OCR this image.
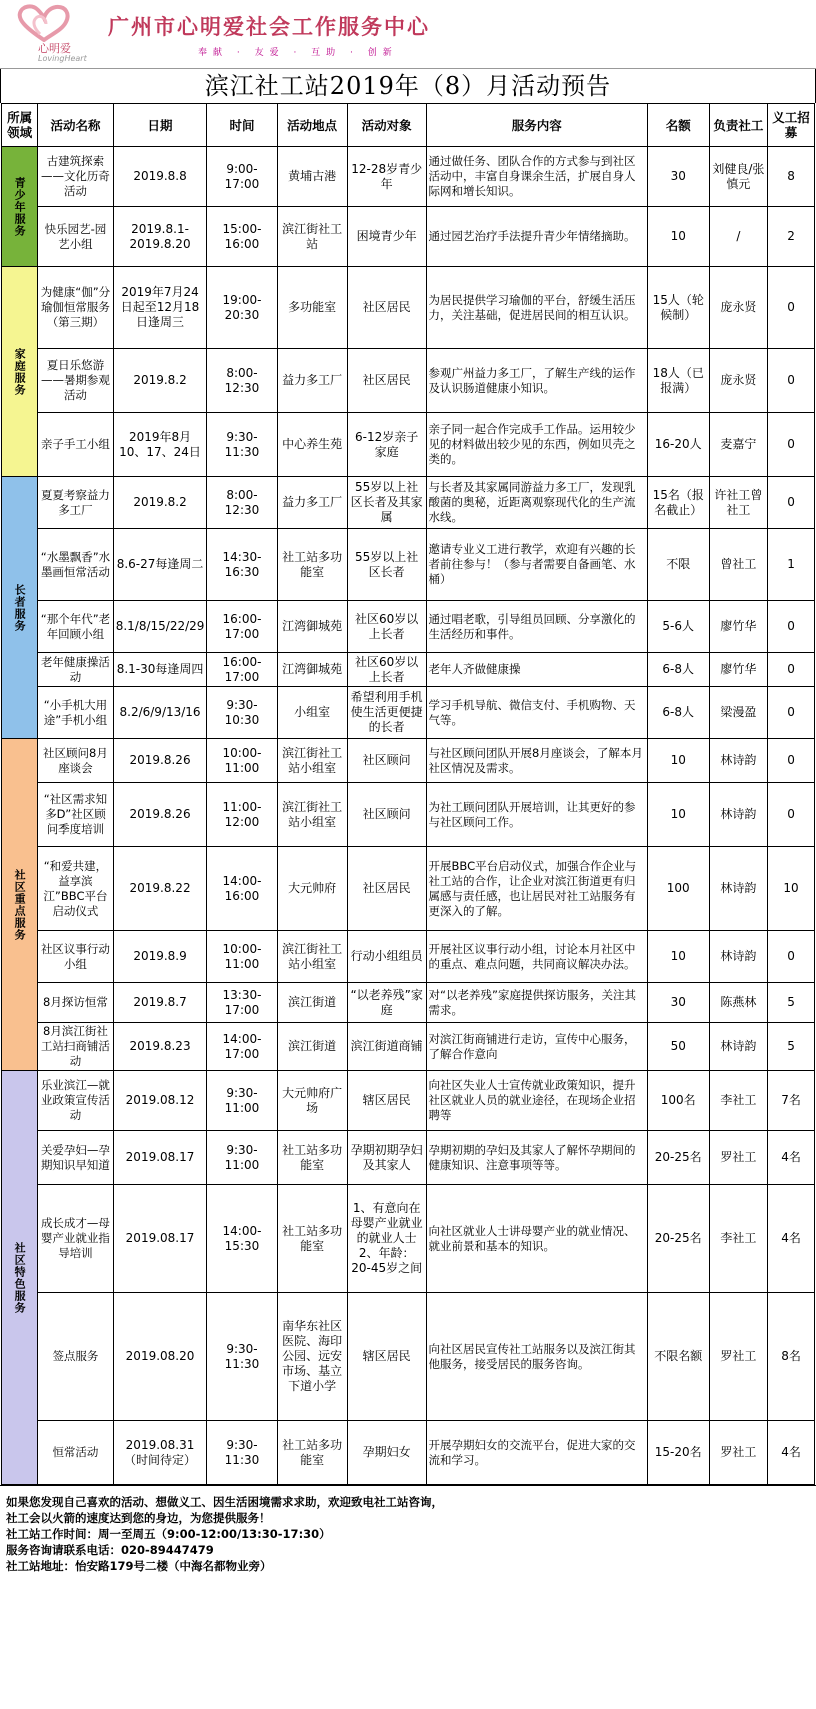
心明爱
LovingHeart
广州市心明爱社会工作服务中心
奉献 · 友爱 · 互助 · 创新
滨江社工站2019年（8）月活动预告
所属领域	活动名称	日期	时间	活动地点	活动对象	服务内容	名额	负责社工	义工招募
青少年服务	古建筑探索——文化历奇活动	2019.8.8	9:00-17:00	黄埔古港	12-28岁青少年	通过做任务、团队合作的方式参与到社区活动中，丰富自身课余生活，扩展自身人际网和增长知识。	30	刘健良/张慎元	8
	快乐园艺-园艺小组	2019.8.1-2019.8.20	15:00-16:00	滨江街社工站	困境青少年	通过园艺治疗手法提升青少年情绪摘助。	10	/	2
家庭服务	为健康“伽”分瑜伽恒常服务（第三期）	2019年7月24日起至12月18日逢周三	19:00-20:30	多功能室	社区居民	为居民提供学习瑜伽的平台，舒缓生活压力，关注基础，促进居民间的相互认识。	15人（轮候制）	庞永贤	0
	夏日乐悠游——暑期参观活动	2019.8.2	8:00-12:30	益力多工厂	社区居民	参观广州益力多工厂，了解生产线的运作及认识肠道健康小知识。	18人（已报满）	庞永贤	0
	亲子手工小组	2019年8月10、17、24日	9:30-11:30	中心养生苑	6-12岁亲子家庭	亲子同一起合作完成手工作品。运用较少见的材料做出较少见的东西，例如贝壳之类的。	16-20人	麦嘉宁	0
长者服务	夏夏考察益力多工厂	2019.8.2	8:00-12:30	益力多工厂	55岁以上社区长者及其家属	与长者及其家属同游益力多工厂，发现乳酸菌的奥秘，近距离观察现代化的生产流水线。	15名（报名截止）	许社工曾社工	0
	“水墨飘香”水墨画恒常活动	8.6-27每逢周二	14:30-16:30	社工站多功能室	55岁以上社区长者	邀请专业义工进行教学，欢迎有兴趣的长者前往参与！（参与者需要自备画笔、水桶）	不限	曾社工	1
	“那个年代”老年回顾小组	8.1/8/15/22/29	16:00-17:00	江湾御城苑	社区60岁以上长者	通过唱老歌，引导组员回顾、分享激化的生活经历和事件。	5-6人	廖竹华	0
	老年健康操活动	8.1-30每逢周四	16:00-17:00	江湾御城苑	社区60岁以上长者	老年人齐做健康操	6-8人	廖竹华	0
	“小手机大用途”手机小组	8.2/6/9/13/16	9:30-10:30	小组室	希望利用手机使生活更便捷的长者	学习手机导航、微信支付、手机购物、天气等。	6-8人	梁漫盈	0
社区重点服务	社区顾问8月座谈会	2019.8.26	10:00-11:00	滨江街社工站小组室	社区顾问	与社区顾问团队开展8月座谈会，了解本月社区情况及需求。	10	林诗韵	0
	“社区需求知多D”社区顾问季度培训	2019.8.26	11:00-12:00	滨江街社工站小组室	社区顾问	为社工顾问团队开展培训，让其更好的参与社区顾问工作。	10	林诗韵	0
	“和爱共建，益享滨江”BBC平台启动仪式	2019.8.22	14:00-16:00	大元帅府	社区居民	开展BBC平台启动仪式，加强合作企业与社工站的合作，让企业对滨江街道更有归属感与责任感，也让居民对社工站服务有更深入的了解。	100	林诗韵	10
	社区议事行动小组	2019.8.9	10:00-11:00	滨江街社工站小组室	行动小组组员	开展社区议事行动小组，讨论本月社区中的重点、难点问题，共同商议解决办法。	10	林诗韵	0
	8月探访恒常	2019.8.7	13:30-17:00	滨江街道	“以老养残”家庭	对“以老养残”家庭提供探访服务，关注其需求。	30	陈燕林	5
	8月滨江街社工站扫商铺活动	2019.8.23	14:00-17:00	滨江街道	滨江街道商铺	对滨江街商铺进行走访，宣传中心服务，了解合作意向	50	林诗韵	5
社区特色服务	乐业滨江—就业政策宣传活动	2019.08.12	9:30-11:00	大元帅府广场	辖区居民	向社区失业人士宣传就业政策知识，提升社区就业人员的就业途径，在现场企业招聘等	100名	李社工	7名
	关爱孕妇—孕期知识早知道	2019.08.17	9:30-11:00	社工站多功能室	孕期初期孕妇及其家人	孕期初期的孕妇及其家人了解怀孕期间的健康知识、注意事项等等。	20-25名	罗社工	4名
	成长成才—母婴产业就业指导培训	2019.08.17	14:00-15:30	社工站多功能室	1、有意向在母婴产业就业的就业人士 2、年龄：20-45岁之间	向社区就业人士讲母婴产业的就业情况、就业前景和基本的知识。	20-25名	李社工	4名
	签点服务	2019.08.20	9:30-11:30	南华东社区医院、海印公园、远安市场、基立下道小学	辖区居民	向社区居民宣传社工站服务以及滨江街其他服务，接受居民的服务咨询。	不限名额	罗社工	8名
	恒常活动	2019.08.31（时间待定）	9:30-11:30	社工站多功能室	孕期妇女	开展孕期妇女的交流平台，促进大家的交流和学习。	15-20名	罗社工	4名
如果您发现自己喜欢的活动、想做义工、因生活困境需求求助，欢迎致电社工站咨询，
社工会以火箭的速度达到您的身边，为您提供服务！
社工站工作时间：周一至周五（9:00-12:00/13:30-17:30）
服务咨询请联系电话：020-89447479
社工站地址：怡安路179号二楼（中海名都物业旁）
